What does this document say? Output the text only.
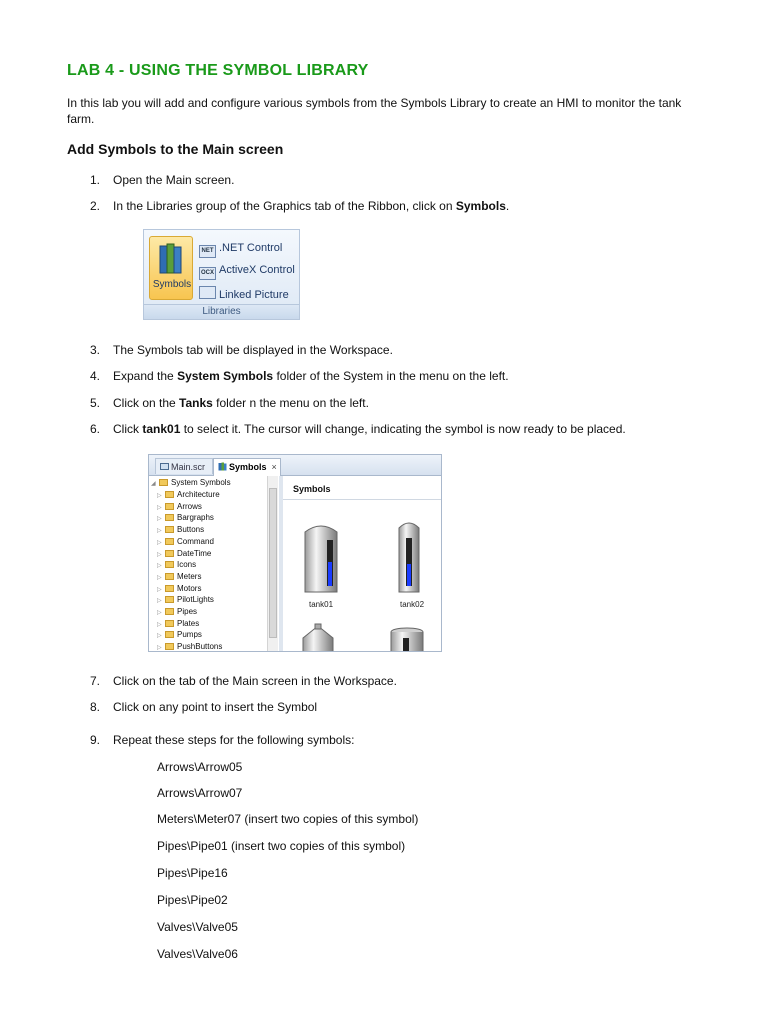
LAB 4 - USING THE SYMBOL LIBRARY
In this lab you will add and configure various symbols from the Symbols Library to create an HMI to monitor the tank farm.
Add Symbols to the Main screen
1. Open the Main screen.
2. In the Libraries group of the Graphics tab of the Ribbon, click on Symbols.
Symbols
NET .NET Control
OCX ActiveX Control
Linked Picture
Libraries
3. The Symbols tab will be displayed in the Workspace.
4. Expand the System Symbols folder of the System in the menu on the left.
5. Click on the Tanks folder n the menu on the left.
6. Click tank01 to select it. The cursor will change, indicating the symbol is now ready to be placed.
Main.scr	Symbols ×
◢ System Symbols
▷ Architecture
▷ Arrows
▷ Bargraphs
▷ Buttons
▷ Command
▷ DateTime
▷ Icons
▷ Meters
▷ Motors
▷ PilotLights
▷ Pipes
▷ Plates
▷ Pumps
▷ PushButtons
Symbols
tank01	tank02
7. Click on the tab of the Main screen in the Workspace.
8. Click on any point to insert the Symbol
9. Repeat these steps for the following symbols:
Arrows\Arrow05
Arrows\Arrow07
Meters\Meter07 (insert two copies of this symbol)
Pipes\Pipe01 (insert two copies of this symbol)
Pipes\Pipe16
Pipes\Pipe02
Valves\Valve05
Valves\Valve06
